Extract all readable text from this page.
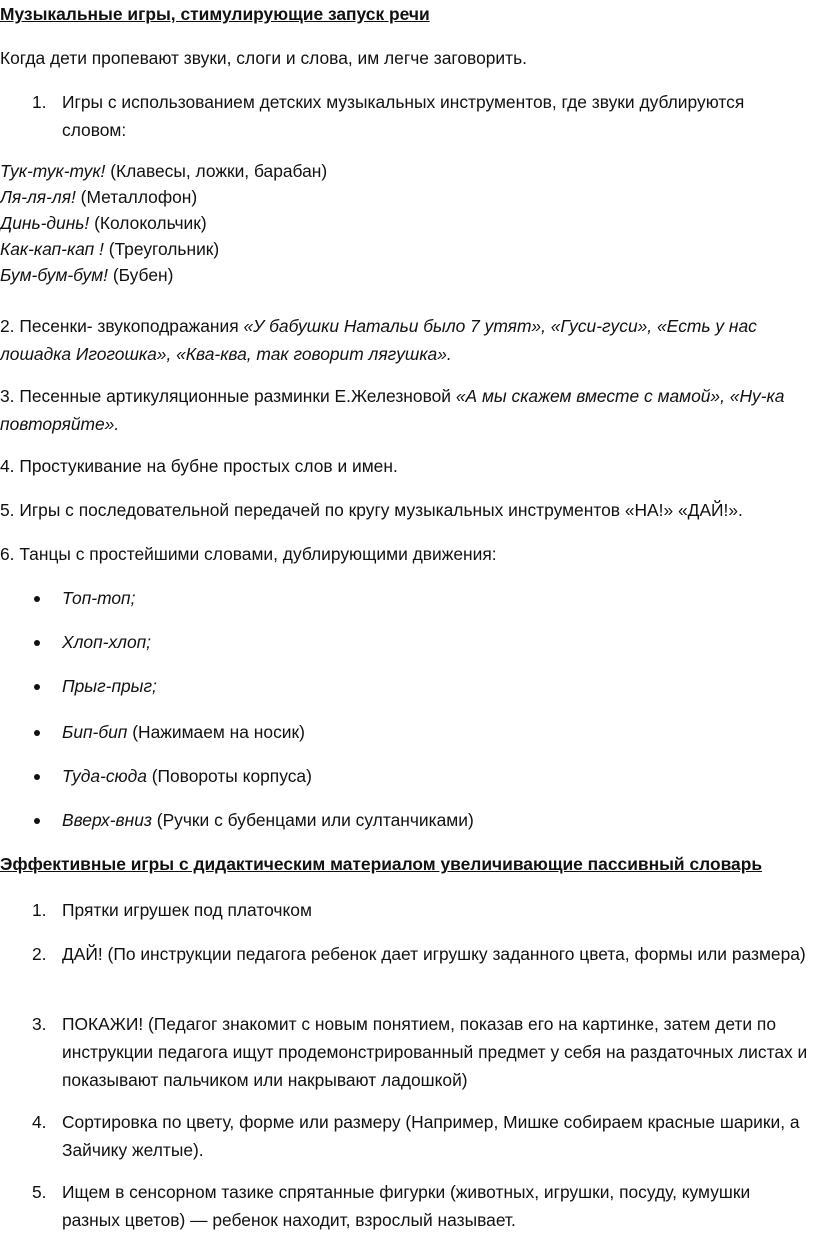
Музыкальные игры, стимулирующие запуск речи

Когда дети пропевают звуки, слоги и слова, им легче заговорить.

1. Игры с использованием детских музыкальных инструментов, где звуки дублируются словом:
Тук-тук-тук! (Клавесы, ложки, барабан)
Ля-ля-ля! (Металлофон)
Динь-динь! (Колокольчик)
Как-кап-кап ! (Треугольник)
Бум-бум-бум! (Бубен)

2. Песенки- звукоподражания «У бабушки Натальи было 7 утят», «Гуси-гуси», «Есть у нас лошадка Игогошка», «Ква-ква, так говорит лягушка».

3. Песенные артикуляционные разминки Е.Железновой «А мы скажем вместе с мамой», «Ну-ка повторяйте».

4. Простукивание на бубне простых слов и имен.

5. Игры с последовательной передачей по кругу музыкальных инструментов «НА!» «ДАЙ!».

6. Танцы с простейшими словами, дублирующими движения:

Топ-топ;
Хлоп-хлоп;
Прыг-прыг;
Бип-бип (Нажимаем на носик)
Туда-сюда (Повороты корпуса)
Вверх-вниз (Ручки с бубенцами или султанчиками)

Эффективные игры с дидактическим материалом увеличивающие пассивный словарь

1. Прятки игрушек под платочком
2. ДАЙ! (По инструкции педагога ребенок дает игрушку заданного цвета, формы или размера)
3. ПОКАЖИ! (Педагог знакомит с новым понятием, показав его на картинке, затем дети по инструкции педагога ищут продемонстрированный предмет у себя на раздаточных листах и показывают пальчиком или накрывают ладошкой)
4. Сортировка по цвету, форме или размеру (Например, Мишке собираем красные шарики, а Зайчику желтые).
5. Ищем в сенсорном тазике спрятанные фигурки (животных, игрушки, посуду, кумушки разных цветов) — ребенок находит, взрослый называет.
